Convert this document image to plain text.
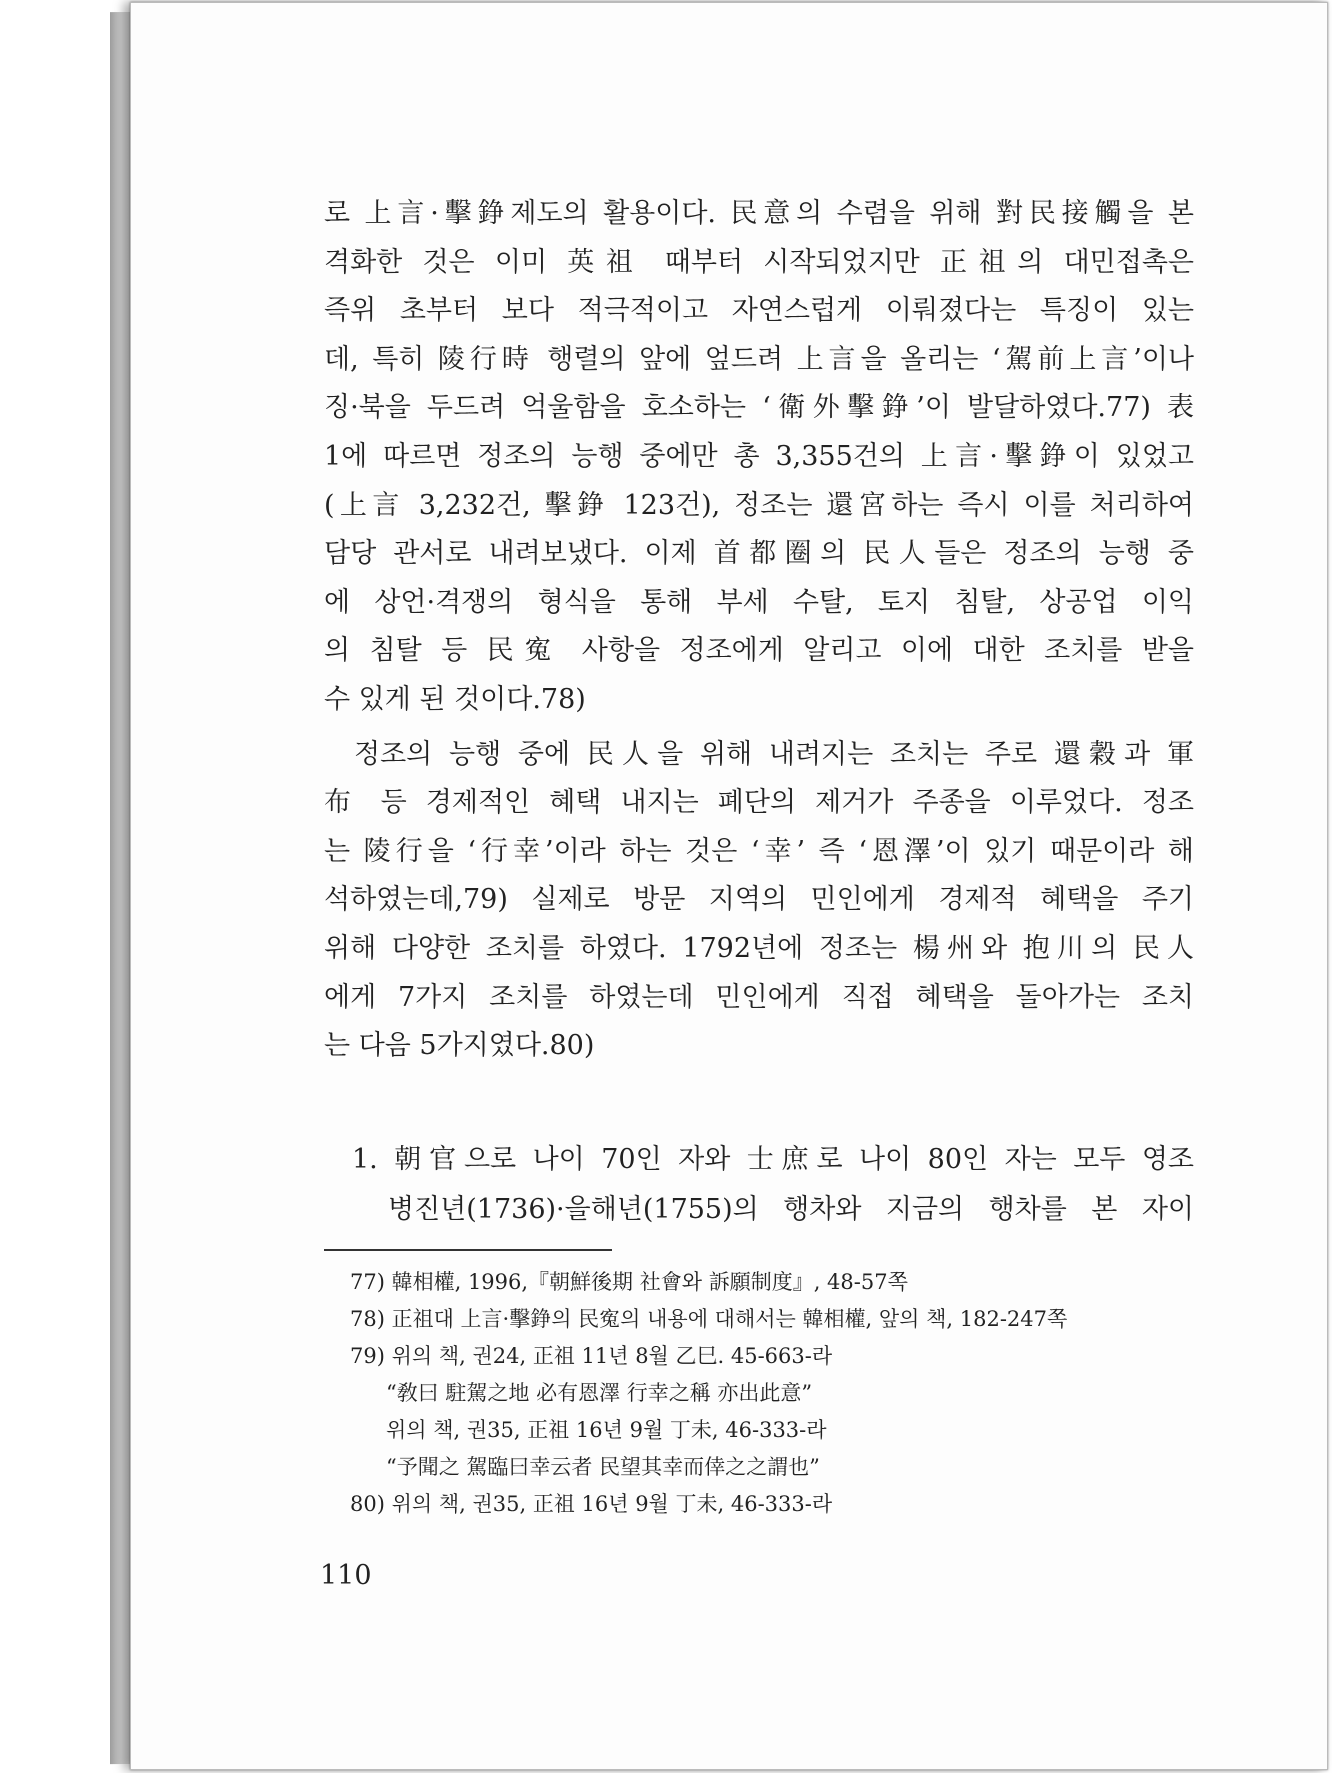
로 上言·擊錚제도의 활용이다. 民意의 수렴을 위해 對民接觸을 본
격화한 것은 이미 英祖 때부터 시작되었지만 正祖의 대민접촉은
즉위 초부터 보다 적극적이고 자연스럽게 이뤄졌다는 특징이 있는
데, 특히 陵行時 행렬의 앞에 엎드려 上言을 올리는 ‘駕前上言’이나
징·북을 두드려 억울함을 호소하는 ‘衛外擊錚’이 발달하였다.77) 表
1에 따르면 정조의 능행 중에만 총 3,355건의 上言·擊錚이 있었고
(上言 3,232건, 擊錚 123건), 정조는 還宮하는 즉시 이를 처리하여
담당 관서로 내려보냈다. 이제 首都圈의 民人들은 정조의 능행 중
에 상언·격쟁의 형식을 통해 부세 수탈, 토지 침탈, 상공업 이익
의 침탈 등 民寃 사항을 정조에게 알리고 이에 대한 조치를 받을
수 있게 된 것이다.78)

정조의 능행 중에 民人을 위해 내려지는 조치는 주로 還穀과 軍
布 등 경제적인 혜택 내지는 폐단의 제거가 주종을 이루었다. 정조
는 陵行을 ‘行幸’이라 하는 것은 ‘幸’ 즉 ‘恩澤’이 있기 때문이라 해
석하였는데,79) 실제로 방문 지역의 민인에게 경제적 혜택을 주기
위해 다양한 조치를 하였다. 1792년에 정조는 楊州와 抱川의 民人
에게 7가지 조치를 하였는데 민인에게 직접 혜택을 돌아가는 조치
는 다음 5가지였다.80)

1. 朝官으로 나이 70인 자와 士庶로 나이 80인 자는 모두 영조
병진년(1736)·을해년(1755)의 행차와 지금의 행차를 본 자이
77) 韓相權, 1996,『朝鮮後期 社會와 訴願制度』, 48-57쪽
78) 正祖대 上言·擊錚의 民寃의 내용에 대해서는 韓相權, 앞의 책, 182-247쪽
79) 위의 책, 권24, 正祖 11년 8월 乙巳. 45-663-라
“敎曰 駐駕之地 必有恩澤 行幸之稱 亦出此意”
위의 책, 권35, 正祖 16년 9월 丁未, 46-333-라
“予聞之 駕臨曰幸云者 民望其幸而倖之之謂也”
80) 위의 책, 권35, 正祖 16년 9월 丁未, 46-333-라
110
